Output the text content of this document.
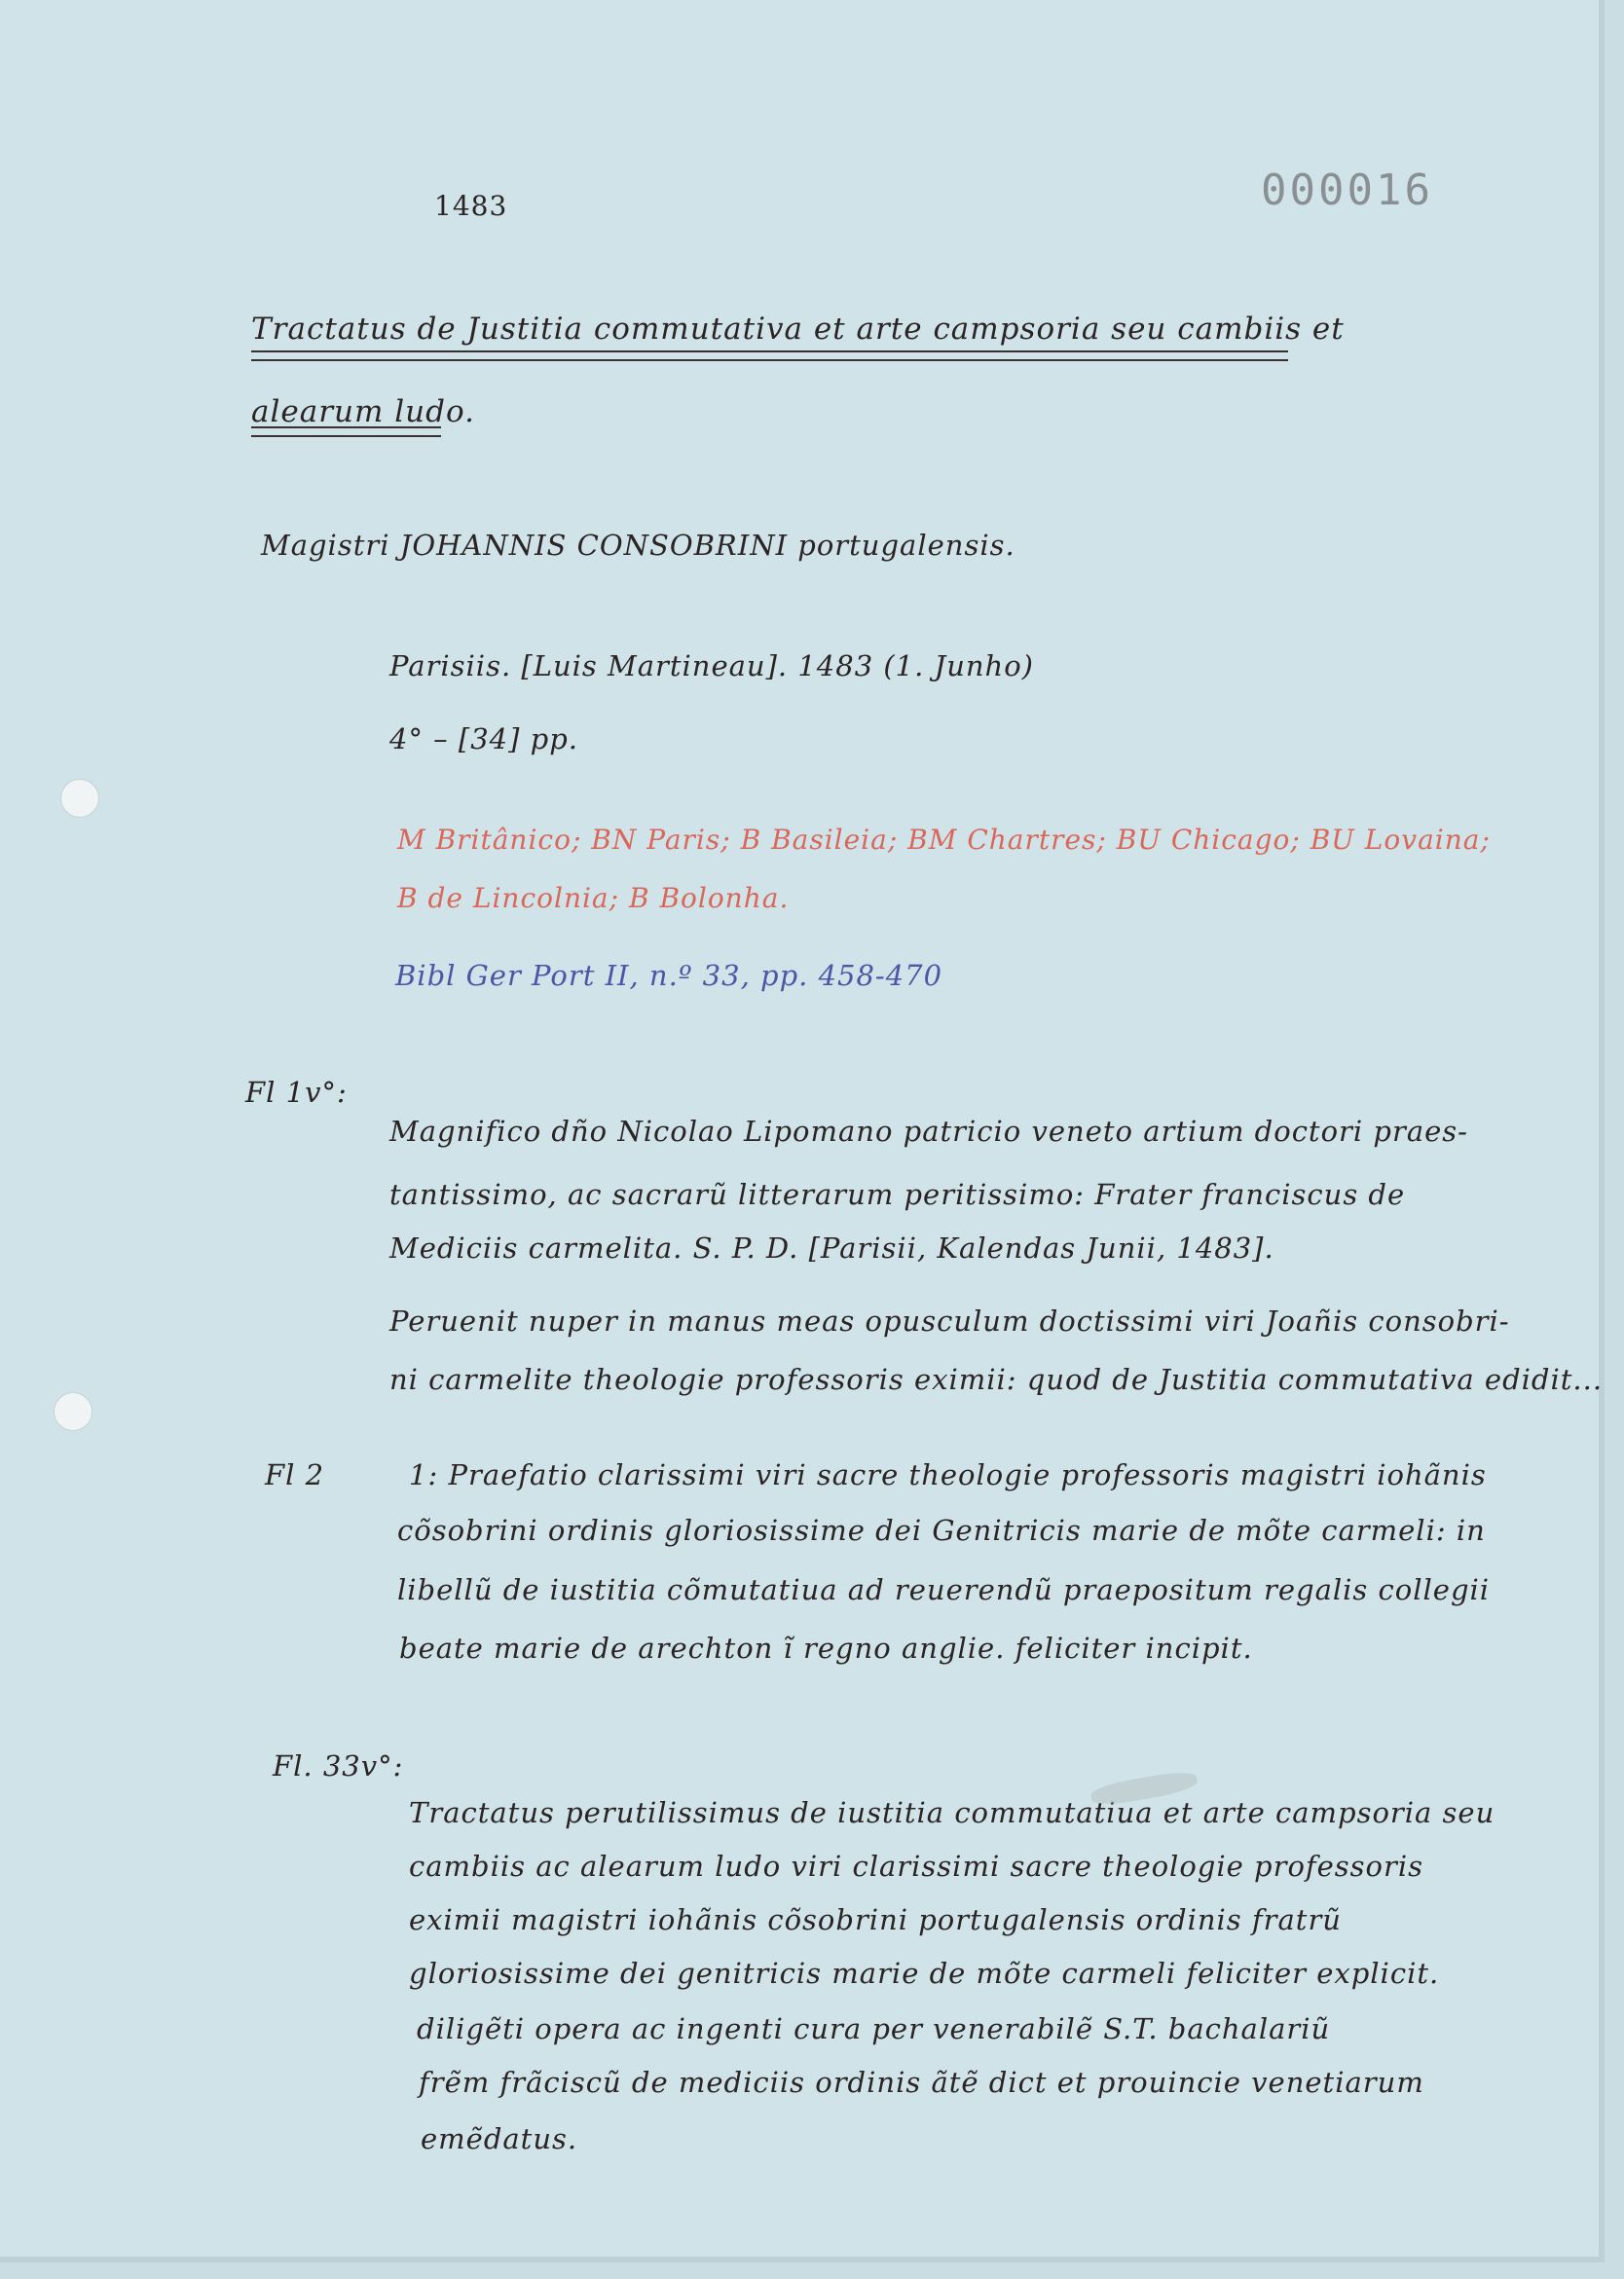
1483	000016
Tractatus de Justitia commutativa et arte campsoria seu cambiis et
alearum ludo.
Magistri JOHANNIS CONSOBRINI portugalensis.
Parisiis. [Luis Martineau]. 1483 (1. Junho)
4° – [34] pp.
M Britânico; BN Paris; B Basileia; BM Chartres; BU Chicago; BU Lovaina;
B de Lincolnia; B Bolonha.
Bibl Ger Port II, n.º 33, pp. 458-470
Fl 1v°:
Magnifico dño Nicolao Lipomano patricio veneto artium doctori praes-
tantissimo, ac sacrarũ litterarum peritissimo: Frater franciscus de
Mediciis carmelita. S. P. D. [Parisii, Kalendas Junii, 1483].
Peruenit nuper in manus meas opusculum doctissimi viri Joañis consobri-
ni carmelite theologie professoris eximii: quod de Justitia commutativa edidit...
Fl 2	1: Praefatio clarissimi viri sacre theologie professoris magistri iohãnis
cõsobrini ordinis gloriosissime dei Genitricis marie de mõte carmeli: in
libellũ de iustitia cõmutatiua ad reuerendũ praepositum regalis collegii
beate marie de arechton ĩ regno anglie. feliciter incipit.
Fl. 33v°:
Tractatus perutilissimus de iustitia commutatiua et arte campsoria seu
cambiis ac alearum ludo viri clarissimi sacre theologie professoris
eximii magistri iohãnis cõsobrini portugalensis ordinis fratrũ
gloriosissime dei genitricis marie de mõte carmeli feliciter explicit.
diligẽti opera ac ingenti cura per venerabilẽ S.T. bachalariũ
frẽm frãciscũ de mediciis ordinis ãtẽ dict et prouincie venetiarum
emẽdatus.
